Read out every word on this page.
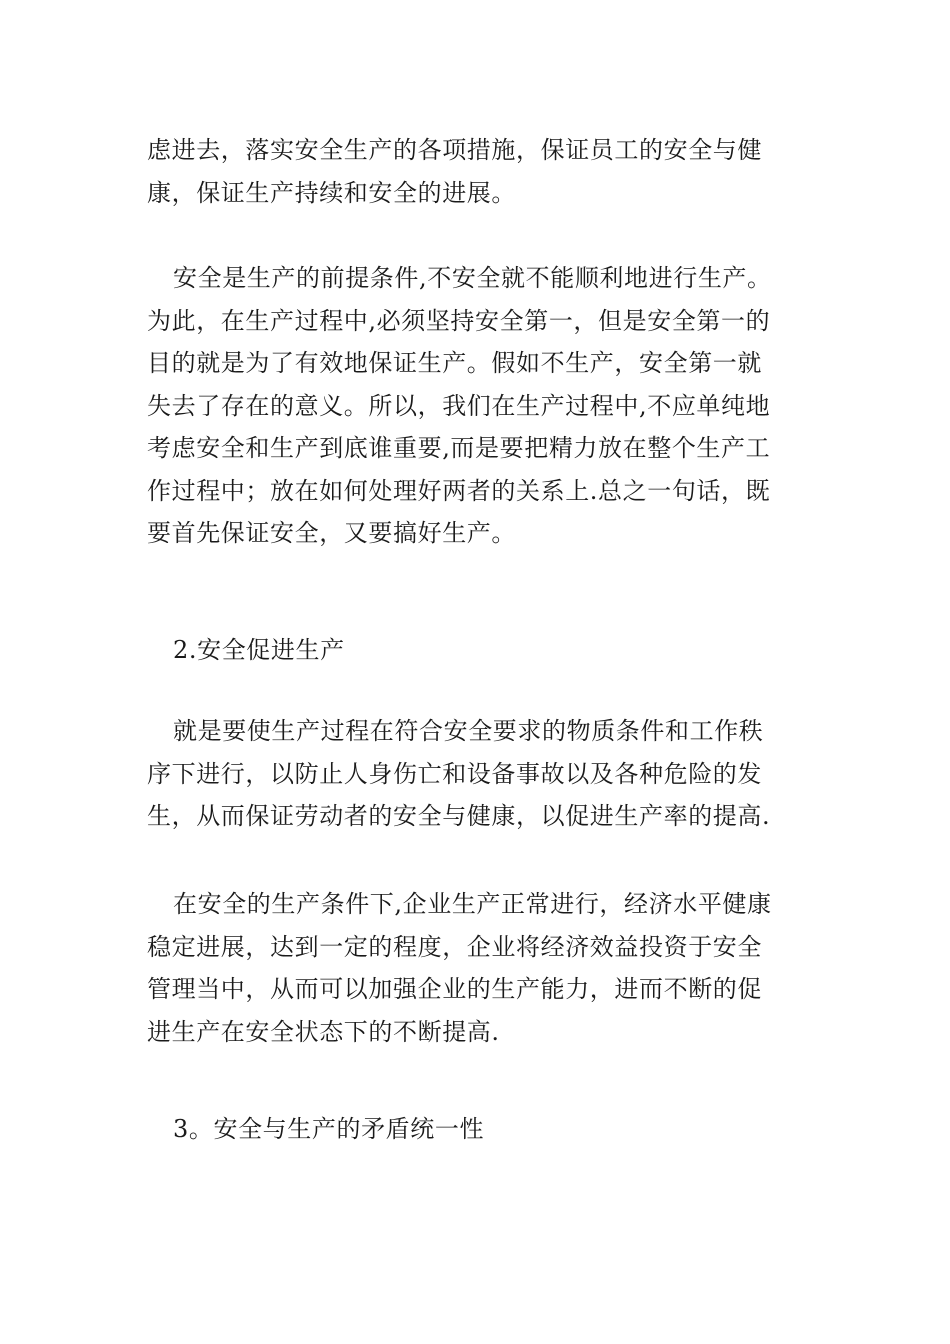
虑进去，落实安全生产的各项措施，保证员工的安全与健
康，保证生产持续和安全的进展。
安全是生产的前提条件,不安全就不能顺利地进行生产。
为此，在生产过程中,必须坚持安全第一，但是安全第一的
目的就是为了有效地保证生产。假如不生产，安全第一就
失去了存在的意义。所以，我们在生产过程中,不应单纯地
考虑安全和生产到底谁重要,而是要把精力放在整个生产工
作过程中；放在如何处理好两者的关系上.总之一句话，既
要首先保证安全，又要搞好生产。
2.安全促进生产
就是要使生产过程在符合安全要求的物质条件和工作秩
序下进行，以防止人身伤亡和设备事故以及各种危险的发
生，从而保证劳动者的安全与健康，以促进生产率的提高.
在安全的生产条件下,企业生产正常进行，经济水平健康
稳定进展，达到一定的程度，企业将经济效益投资于安全
管理当中，从而可以加强企业的生产能力，进而不断的促
进生产在安全状态下的不断提高.
3。安全与生产的矛盾统一性
